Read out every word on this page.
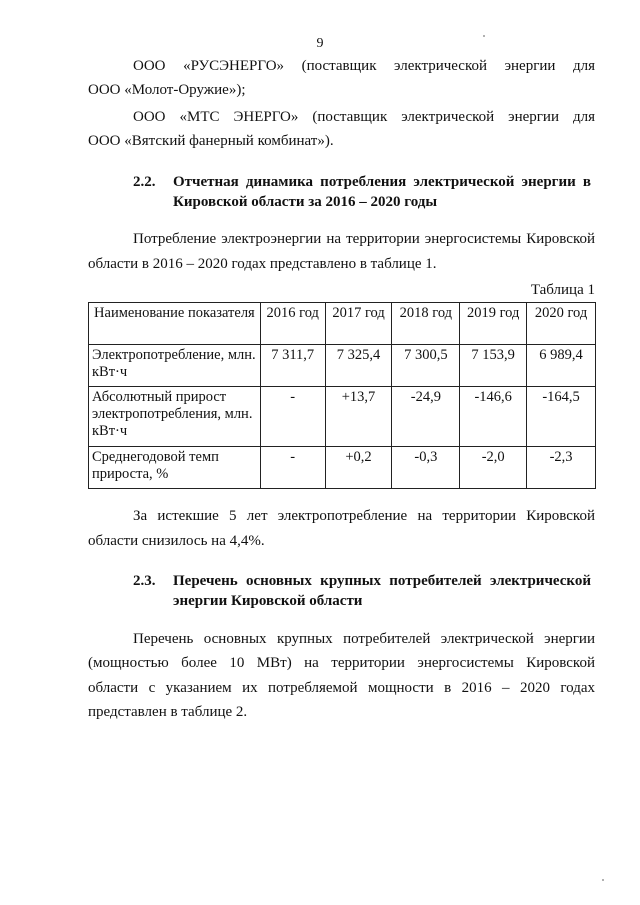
9
ООО «РУСЭНЕРГО» (поставщик электрической энергии для
ООО «Молот-Оружие»);
ООО «МТС ЭНЕРГО» (поставщик электрической энергии для
ООО «Вятский фанерный комбинат»).
2.2. Отчетная динамика потребления электрической энергии в
Кировской области за 2016 – 2020 годы
Потребление электроэнергии на территории энергосистемы Кировской
области в 2016 – 2020 годах представлено в таблице 1.
Таблица 1
Наименование показателя	2016 год	2017 год	2018 год	2019 год	2020 год
Электропотребление, млн. кВт·ч	7 311,7	7 325,4	7 300,5	7 153,9	6 989,4
Абсолютный прирост электропотребления, млн. кВт·ч	-	+13,7	-24,9	-146,6	-164,5
Среднегодовой темп прироста, %	-	+0,2	-0,3	-2,0	-2,3
За истекшие 5 лет электропотребление на территории Кировской
области снизилось на 4,4%.
2.3. Перечень основных крупных потребителей электрической
энергии Кировской области
Перечень основных крупных потребителей электрической энергии
(мощностью более 10 МВт) на территории энергосистемы Кировской
области с указанием их потребляемой мощности в 2016 – 2020 годах
представлен в таблице 2.
